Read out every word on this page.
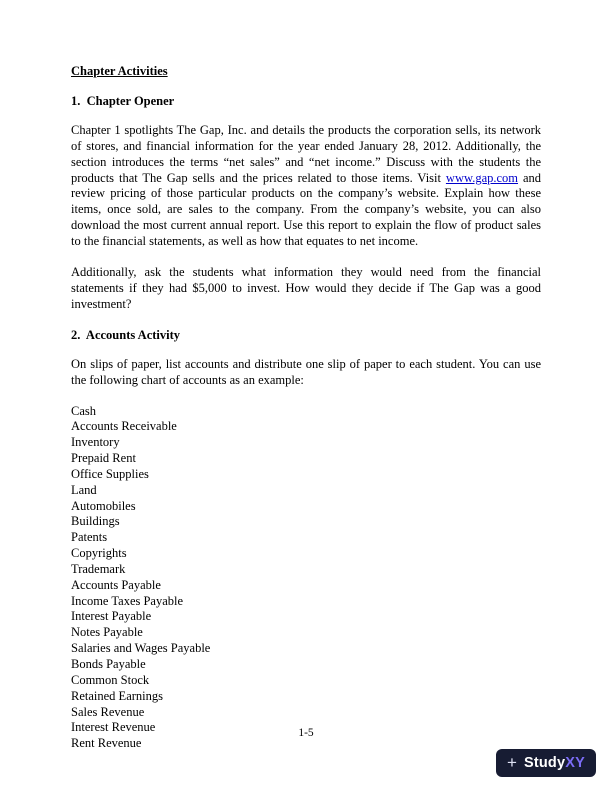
Chapter Activities
1.  Chapter Opener

Chapter 1 spotlights The Gap, Inc. and details the products the corporation sells, its network of stores, and financial information for the year ended January 28, 2012. Additionally, the section introduces the terms “net sales” and “net income.” Discuss with the students the products that The Gap sells and the prices related to those items. Visit www.gap.com and review pricing of those particular products on the company’s website. Explain how these items, once sold, are sales to the company. From the company’s website, you can also download the most current annual report. Use this report to explain the flow of product sales to the financial statements, as well as how that equates to net income.

Additionally, ask the students what information they would need from the financial statements if they had $5,000 to invest. How would they decide if The Gap was a good investment?

2.  Accounts Activity

On slips of paper, list accounts and distribute one slip of paper to each student. You can use the following chart of accounts as an example:

Cash
Accounts Receivable
Inventory
Prepaid Rent
Office Supplies
Land
Automobiles
Buildings
Patents
Copyrights
Trademark
Accounts Payable
Income Taxes Payable
Interest Payable
Notes Payable
Salaries and Wages Payable
Bonds Payable
Common Stock
Retained Earnings
Sales Revenue
Interest Revenue
Rent Revenue
1-5
+ StudyXY
